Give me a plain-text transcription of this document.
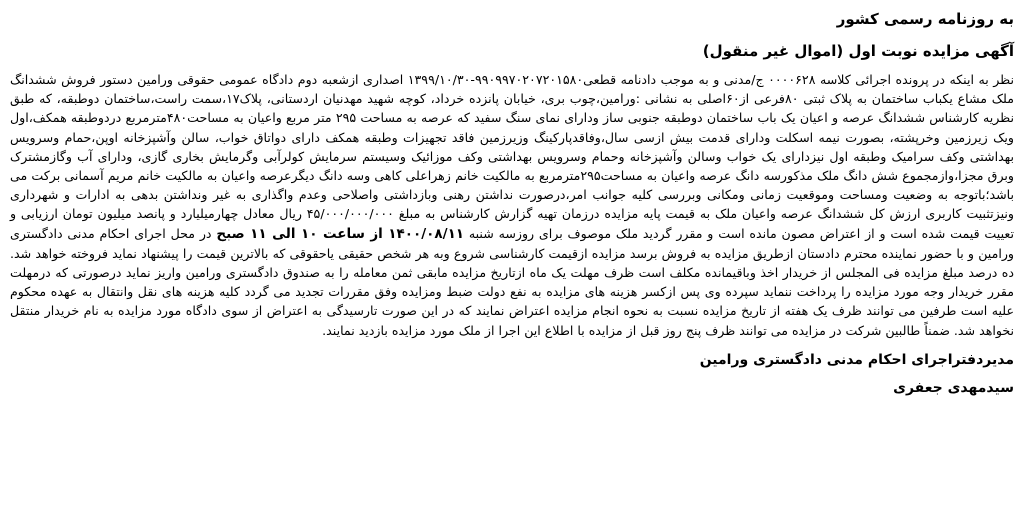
به روزنامه رسمی کشور

آگهی مزایده نوبت اول (اموال غیر منقول)

نظر به اینکه در پرونده اجرائی کلاسه ۰۰۰۰۶۲۸ ج/مدنی و به موجب دادنامه قطعی۹۹۰۹۹۷۰۲۰۷۲۰۱۵۸۰-۱۳۹۹/۱۰/۳۰ اصداری ازشعبه دوم دادگاه عمومی حقوقی ورامین دستور فروش ششدانگ ملک مشاع یکباب ساختمان به پلاک ثبتی ۸۰فرعی از۶۰اصلی به نشانی :ورامین،چوب بری، خیابان پانزده خرداد، کوچه شهید مهدنیان اردستانی، پلاک۱۷،سمت راست،ساختمان دوطبقه، که طبق نظریه کارشناس ششدانگ عرصه و اعیان یک باب ساختمان دوطبقه جنوبی ساز ودارای نمای سنگ سفید که عرصه به مساحت ۲۹۵ متر مربع واعیان به مساحت۴۸۰مترمربع دردوطبقه همکف،اول ویک زیرزمین وخرپشته، بصورت نیمه اسکلت ودارای قدمت بیش ازسی سال،وفاقدپارکینگ وزیرزمین فاقد تجهیزات وطبقه همکف دارای دواتاق خواب، سالن وآشپزخانه اوپن،حمام وسرویس بهداشتی وکف سرامیک وطبقه اول نیزدارای یک خواب وسالن وآشپزخانه وحمام وسرویس بهداشتی وکف موزائیک وسیستم سرمایش کولرآبی وگرمایش بخاری گازی، ودارای آب وگازمشترک وبرق مجزا،وازمجموع شش دانگ ملک مذکورسه دانگ عرصه واعیان به مساحت۲۹۵مترمربع به مالکیت خانم زهراعلی کاهی وسه دانگ دیگرعرصه واعیان به مالکیت خانم مریم آسمانی برکت می باشد؛باتوجه به وضعیت ومساحت وموقعیت زمانی ومکانی وبررسی کلیه جوانب امر،درصورت نداشتن رهنی وبازداشتی واصلاحی وعدم واگذاری به غیر ونداشتن بدهی به ادارات و شهرداری ونیزتثبیت کاربری ارزش کل ششدانگ عرصه واعیان ملک به قیمت پایه مزایده درزمان تهیه گزارش کارشناس به مبلغ ۴۵/۰۰۰/۰۰۰/۰۰۰ ریال معادل چهارمیلیارد و پانصد میلیون تومان ارزیابی و تعییت قیمت شده است و از اعتراض مصون مانده است و مقرر گردید ملک موصوف برای روزسه شنبه ۱۴۰۰/۰۸/۱۱ از ساعت ۱۰ الی ۱۱ صبح در محل اجرای احکام مدنی دادگستری ورامین و با حضور نماینده محترم دادستان ازطریق مزایده به فروش برسد مزایده ازقیمت کارشناسی شروع وبه هر شخص حقیقی یاحقوقی که بالاترین قیمت را پیشنهاد نماید فروخته خواهد شد. ده درصد مبلغ مزایده فی المجلس از خریدار اخذ وباقیمانده مکلف است ظرف مهلت یک ماه ازتاریخ مزایده مابقی ثمن معامله را به صندوق دادگستری ورامین واریز نماید درصورتی که درمهلت مقرر خریدار وجه مورد مزایده را پرداخت ننماید سپرده وی پس ازکسر هزینه های مزایده به نفع دولت ضبط ومزایده وفق مقررات تجدید می گردد کلیه هزینه های نقل وانتقال به عهده محکوم علیه است طرفین می توانند ظرف یک هفته از تاریخ مزایده نسبت به نحوه انجام مزایده اعتراض نمایند که در این صورت تارسیدگی به اعتراض از سوی دادگاه مورد مزایده به نام خریدار منتقل نخواهد شد. ضمناً طالبین شرکت در مزایده می توانند ظرف پنج روز قبل از مزایده با اطلاع این اجرا از ملک مورد مزایده بازدید نمایند.

مدیردفتراجرای احکام مدنی دادگستری ورامین

سیدمهدی جعفری
